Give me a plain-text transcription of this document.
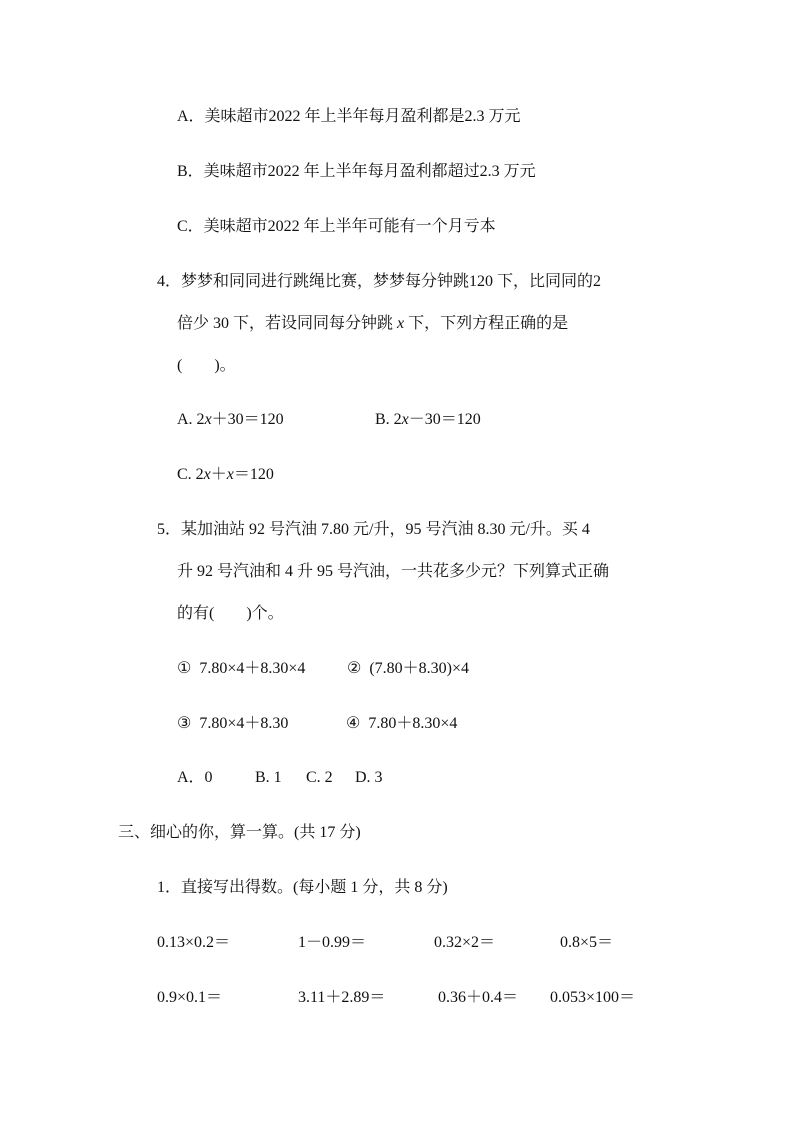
A．美味超市2022 年上半年每月盈利都是2.3 万元
B．美味超市2022 年上半年每月盈利都超过2.3 万元
C．美味超市2022 年上半年可能有一个月亏本
4．梦梦和同同进行跳绳比赛，梦梦每分钟跳120 下，比同同的2
倍少 30 下，若设同同每分钟跳 x 下，下列方程正确的是
(　　)。
A. 2x＋30＝120	B. 2x－30＝120
C. 2x＋x＝120
5．某加油站 92 号汽油 7.80 元/升，95 号汽油 8.30 元/升。买 4
升 92 号汽油和 4 升 95 号汽油，一共花多少元？下列算式正确
的有(　　)个。
①  7.80×4＋8.30×4	②  (7.80＋8.30)×4
③  7.80×4＋8.30	④  7.80＋8.30×4
A．0	B. 1 C. 2 D. 3
三、细心的你，算一算。(共 17 分)
1．直接写出得数。(每小题 1 分，共 8 分)
0.13×0.2＝	1－0.99＝	0.32×2＝	0.8×5＝
0.9×0.1＝	3.11＋2.89＝	0.36＋0.4＝ 0.053×100＝
